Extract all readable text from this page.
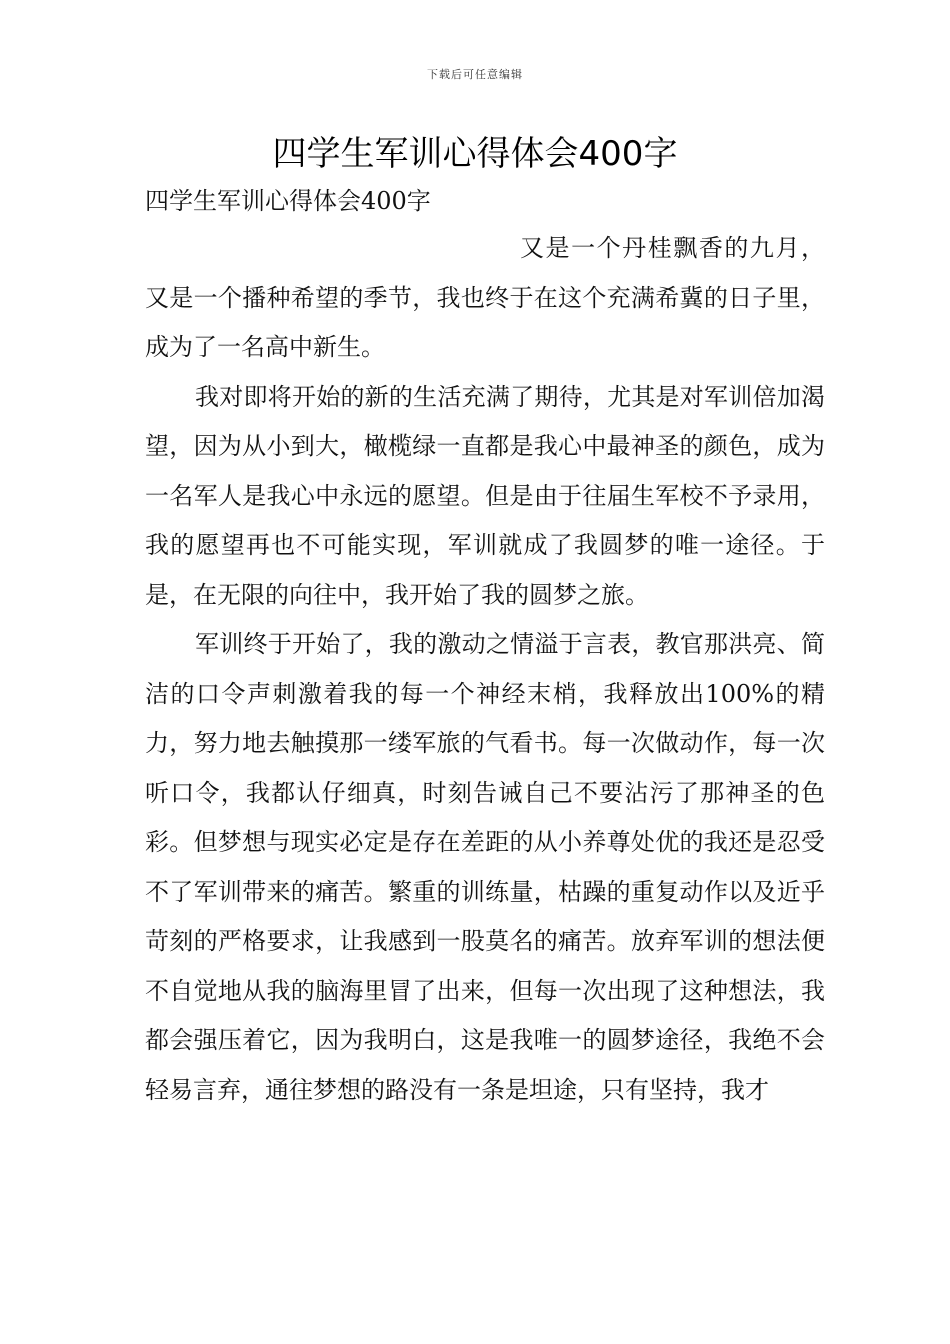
下载后可任意编辑
四学生军训心得体会400字
四学生军训心得体会400字

又是一个丹桂飘香的九月，又是一个播种希望的季节，我也终于在这个充满希冀的日子里，成为了一名高中新生。

我对即将开始的新的生活充满了期待，尤其是对军训倍加渴望，因为从小到大，橄榄绿一直都是我心中最神圣的颜色，成为一名军人是我心中永远的愿望。但是由于往届生军校不予录用，我的愿望再也不可能实现，军训就成了我圆梦的唯一途径。于是，在无限的向往中，我开始了我的圆梦之旅。

军训终于开始了，我的激动之情溢于言表，教官那洪亮、简洁的口令声刺激着我的每一个神经末梢，我释放出100%的精力，努力地去触摸那一缕军旅的气看书。每一次做动作，每一次听口令，我都认仔细真，时刻告诫自己不要沾污了那神圣的色彩。但梦想与现实必定是存在差距的从小养尊处优的我还是忍受不了军训带来的痛苦。繁重的训练量，枯躁的重复动作以及近乎苛刻的严格要求，让我感到一股莫名的痛苦。放弃军训的想法便不自觉地从我的脑海里冒了出来，但每一次出现了这种想法，我都会强压着它，因为我明白，这是我唯一的圆梦途径，我绝不会轻易言弃，通往梦想的路没有一条是坦途，只有坚持，我才
